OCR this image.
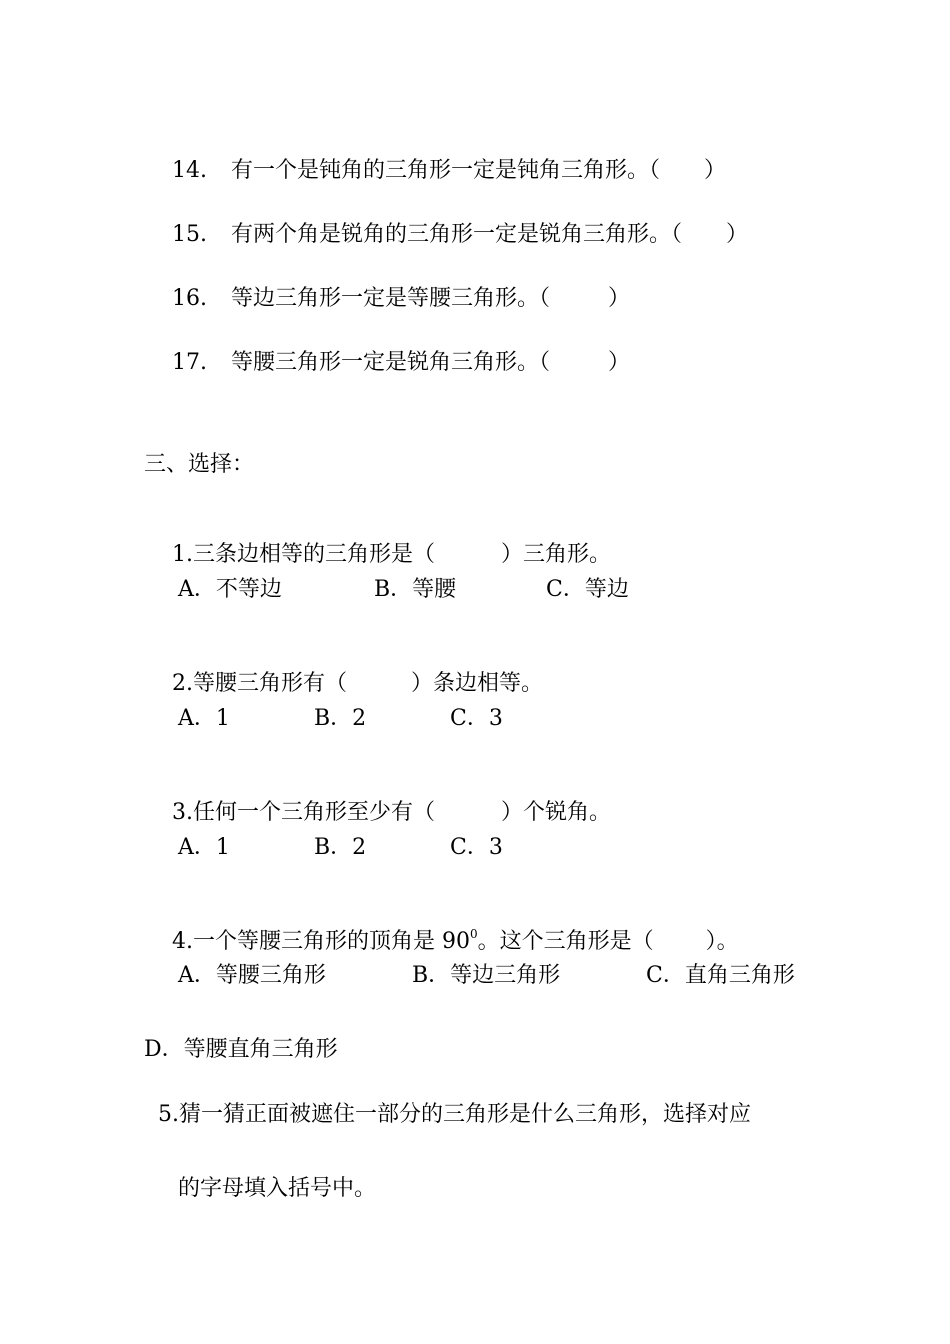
14. 有一个是钝角的三角形一定是钝角三角形。（ ）

15. 有两个角是锐角的三角形一定是锐角三角形。（ ）

16. 等边三角形一定是等腰三角形。（	）

17. 等腰三角形一定是锐角三角形。（	）

三、选择：

1.三条边相等的三角形是（	）三角形。

A．不等边	B．等腰	C．等边

2.等腰三角形有（	）条边相等。

A．1	B．2	C．3

3.任何一个三角形至少有（	）个锐角。

A．1	B．2	C．3

4.一个等腰三角形的顶角是 $90^0$。这个三角形是（ ）。

A．等腰三角形	B．等边三角形	C．直角三角形
D．等腰直角三角形
5.猜一猜正面被遮住一部分的三角形是什么三角形，选择对应
的字母填入括号中。
